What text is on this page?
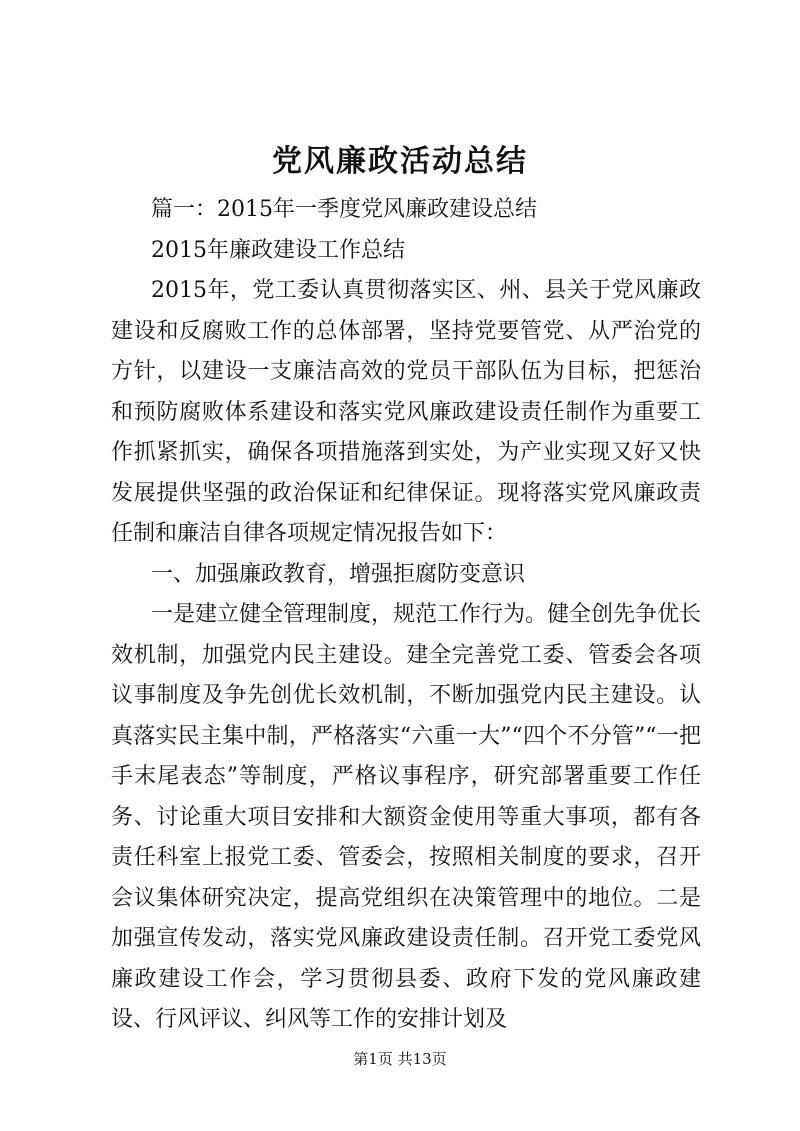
党风廉政活动总结

篇一：2015年一季度党风廉政建设总结

2015年廉政建设工作总结

2015年，党工委认真贯彻落实区、州、县关于党风廉政建设和反腐败工作的总体部署，坚持党要管党、从严治党的方针，以建设一支廉洁高效的党员干部队伍为目标，把惩治和预防腐败体系建设和落实党风廉政建设责任制作为重要工作抓紧抓实，确保各项措施落到实处，为产业实现又好又快发展提供坚强的政治保证和纪律保证。现将落实党风廉政责任制和廉洁自律各项规定情况报告如下：

一、加强廉政教育，增强拒腐防变意识

一是建立健全管理制度，规范工作行为。健全创先争优长效机制，加强党内民主建设。建全完善党工委、管委会各项议事制度及争先创优长效机制，不断加强党内民主建设。认真落实民主集中制，严格落实“六重一大”“四个不分管”“一把手末尾表态”等制度，严格议事程序，研究部署重要工作任务、讨论重大项目安排和大额资金使用等重大事项，都有各责任科室上报党工委、管委会，按照相关制度的要求，召开会议集体研究决定，提高党组织在决策管理中的地位。二是加强宣传发动，落实党风廉政建设责任制。召开党工委党风廉政建设工作会，学习贯彻县委、政府下发的党风廉政建设、行风评议、纠风等工作的安排计划及

第1页 共13页
